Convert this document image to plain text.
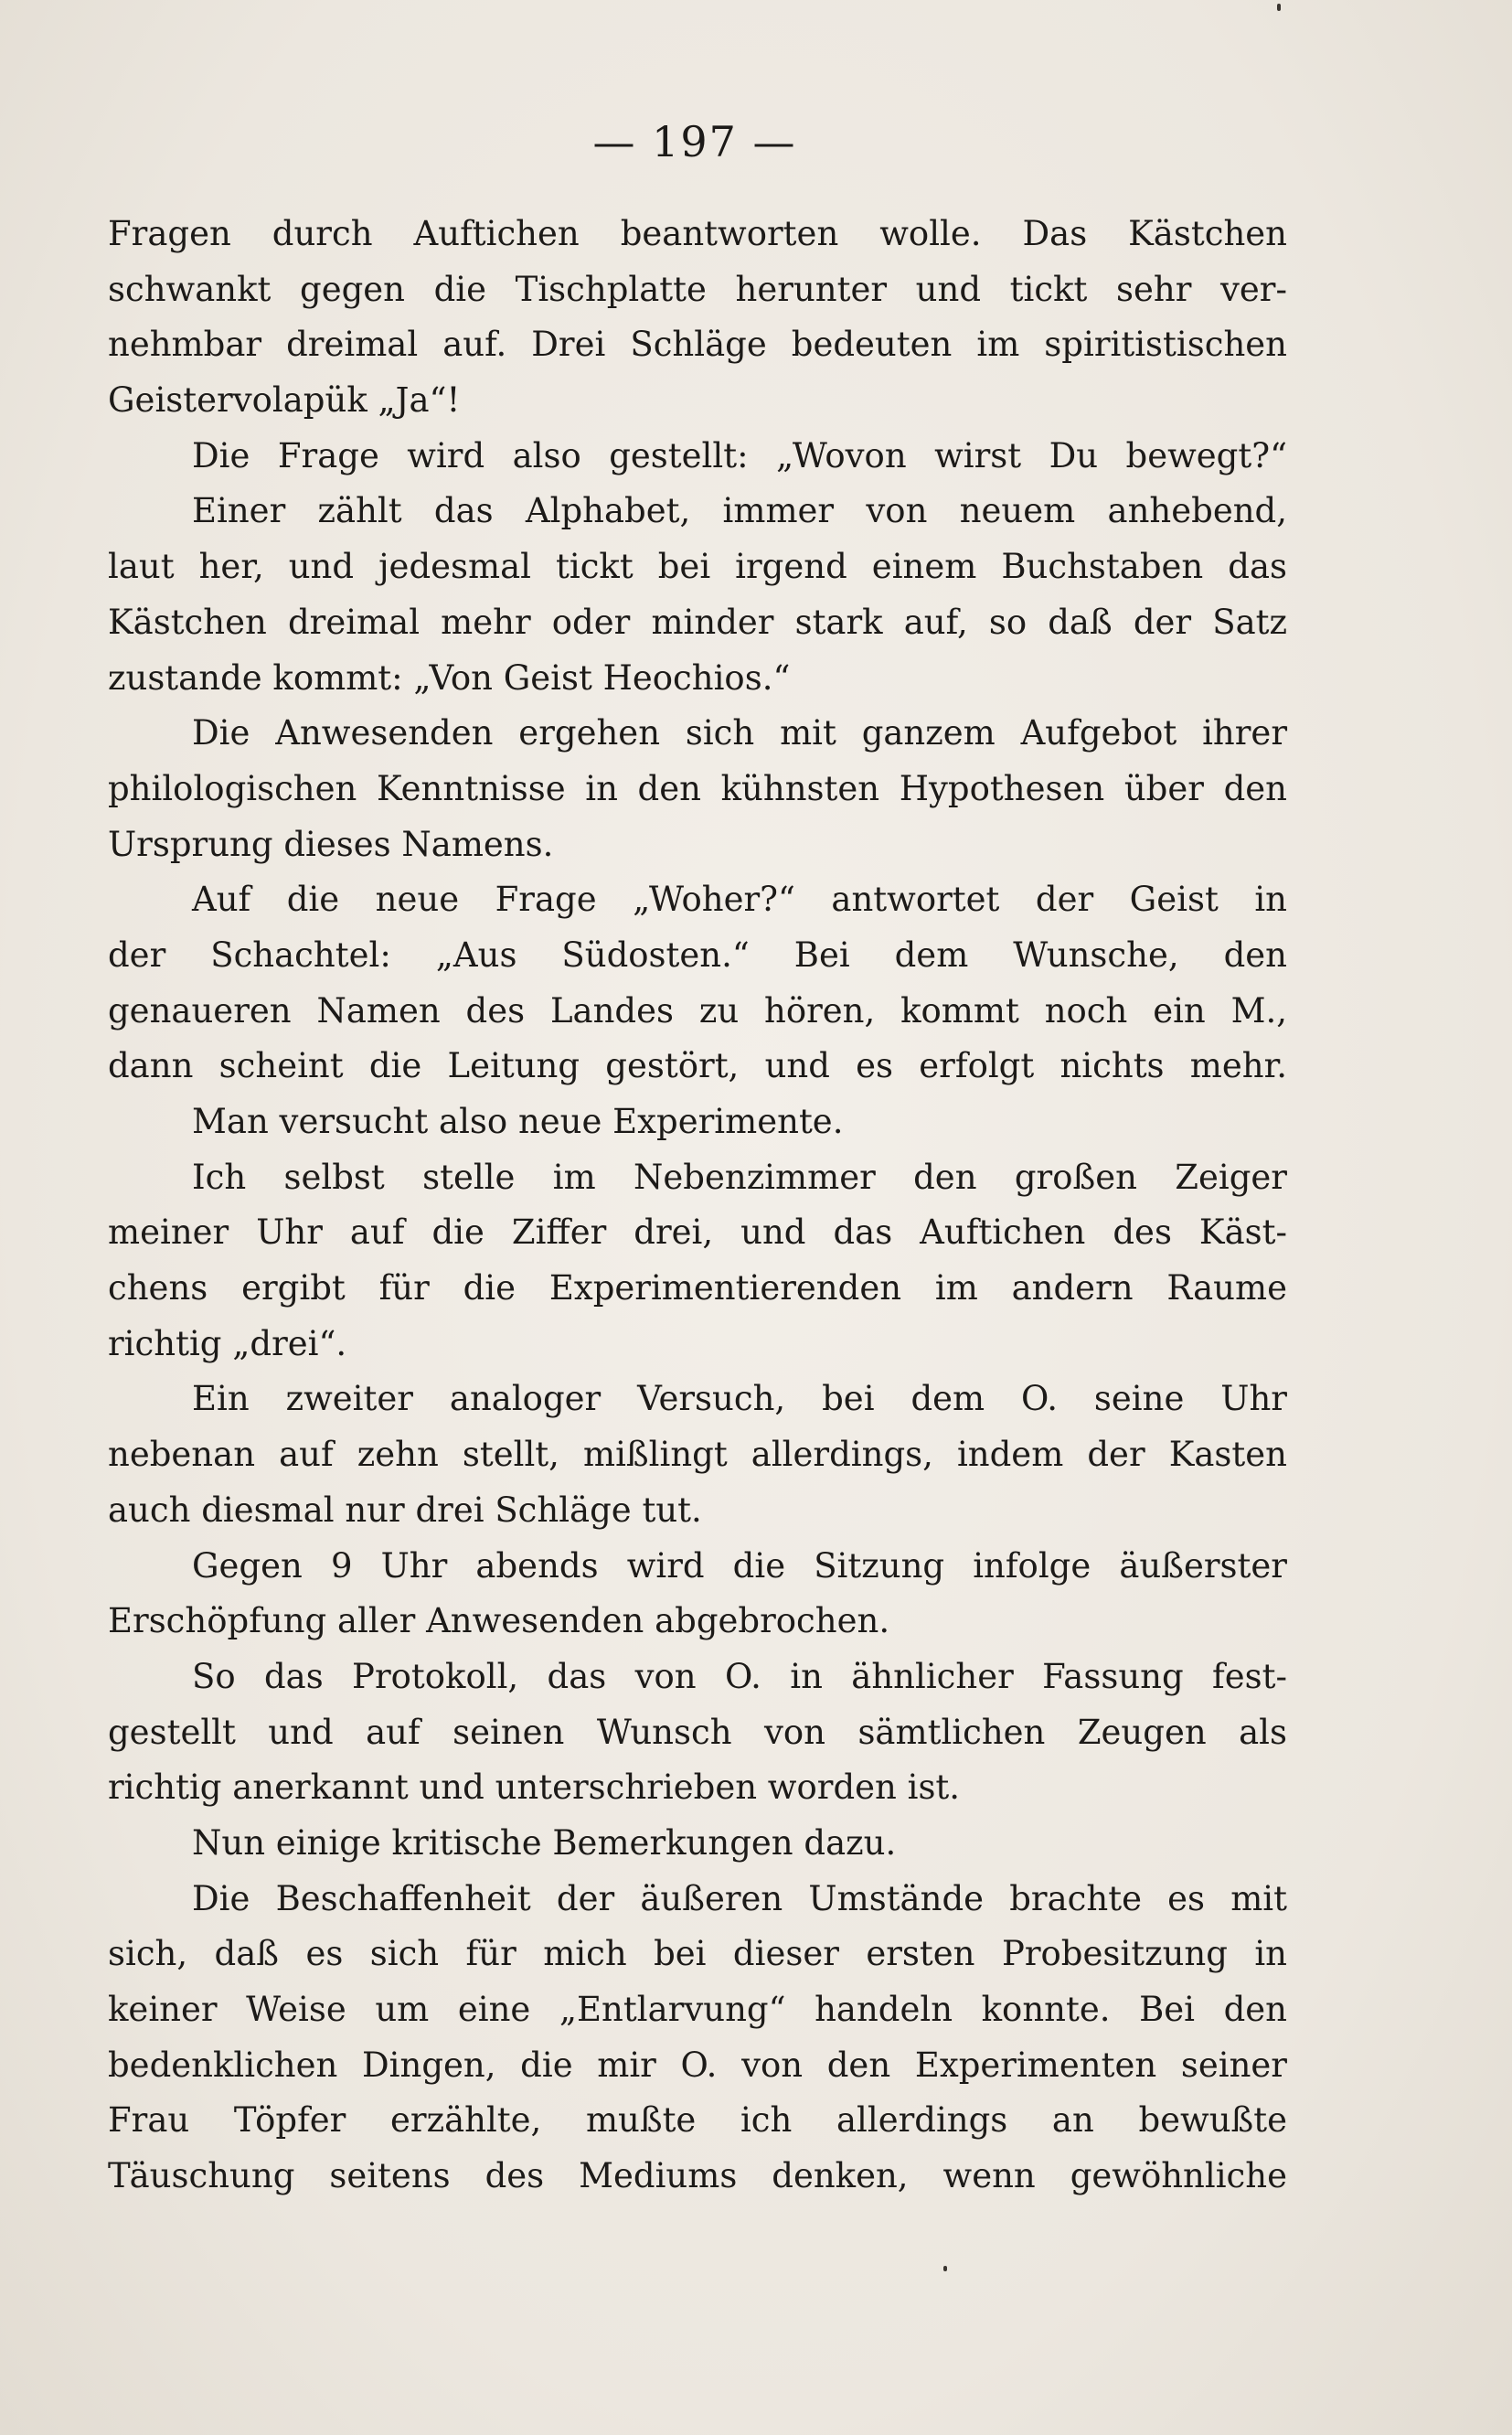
— 197 —
Fragen durch Auftichen beantworten wolle. Das Kästchen
schwankt gegen die Tischplatte herunter und tickt sehr ver-
nehmbar dreimal auf. Drei Schläge bedeuten im spiritistischen
Geistervolapük „Ja“!
Die Frage wird also gestellt: „Wovon wirst Du bewegt?“
Einer zählt das Alphabet, immer von neuem anhebend,
laut her, und jedesmal tickt bei irgend einem Buchstaben das
Kästchen dreimal mehr oder minder stark auf, so daß der Satz
zustande kommt: „Von Geist Heochios.“
Die Anwesenden ergehen sich mit ganzem Aufgebot ihrer
philologischen Kenntnisse in den kühnsten Hypothesen über den
Ursprung dieses Namens.
Auf die neue Frage „Woher?“ antwortet der Geist in
der Schachtel: „Aus Südosten.“ Bei dem Wunsche, den
genaueren Namen des Landes zu hören, kommt noch ein M.,
dann scheint die Leitung gestört, und es erfolgt nichts mehr.
Man versucht also neue Experimente.
Ich selbst stelle im Nebenzimmer den großen Zeiger
meiner Uhr auf die Ziffer drei, und das Auftichen des Käst-
chens ergibt für die Experimentierenden im andern Raume
richtig „drei“.
Ein zweiter analoger Versuch, bei dem O. seine Uhr
nebenan auf zehn stellt, mißlingt allerdings, indem der Kasten
auch diesmal nur drei Schläge tut.
Gegen 9 Uhr abends wird die Sitzung infolge äußerster
Erschöpfung aller Anwesenden abgebrochen.
So das Protokoll, das von O. in ähnlicher Fassung fest-
gestellt und auf seinen Wunsch von sämtlichen Zeugen als
richtig anerkannt und unterschrieben worden ist.
Nun einige kritische Bemerkungen dazu.
Die Beschaffenheit der äußeren Umstände brachte es mit
sich, daß es sich für mich bei dieser ersten Probesitzung in
keiner Weise um eine „Entlarvung“ handeln konnte. Bei den
bedenklichen Dingen, die mir O. von den Experimenten seiner
Frau Töpfer erzählte, mußte ich allerdings an bewußte
Täuschung seitens des Mediums denken, wenn gewöhnliche
